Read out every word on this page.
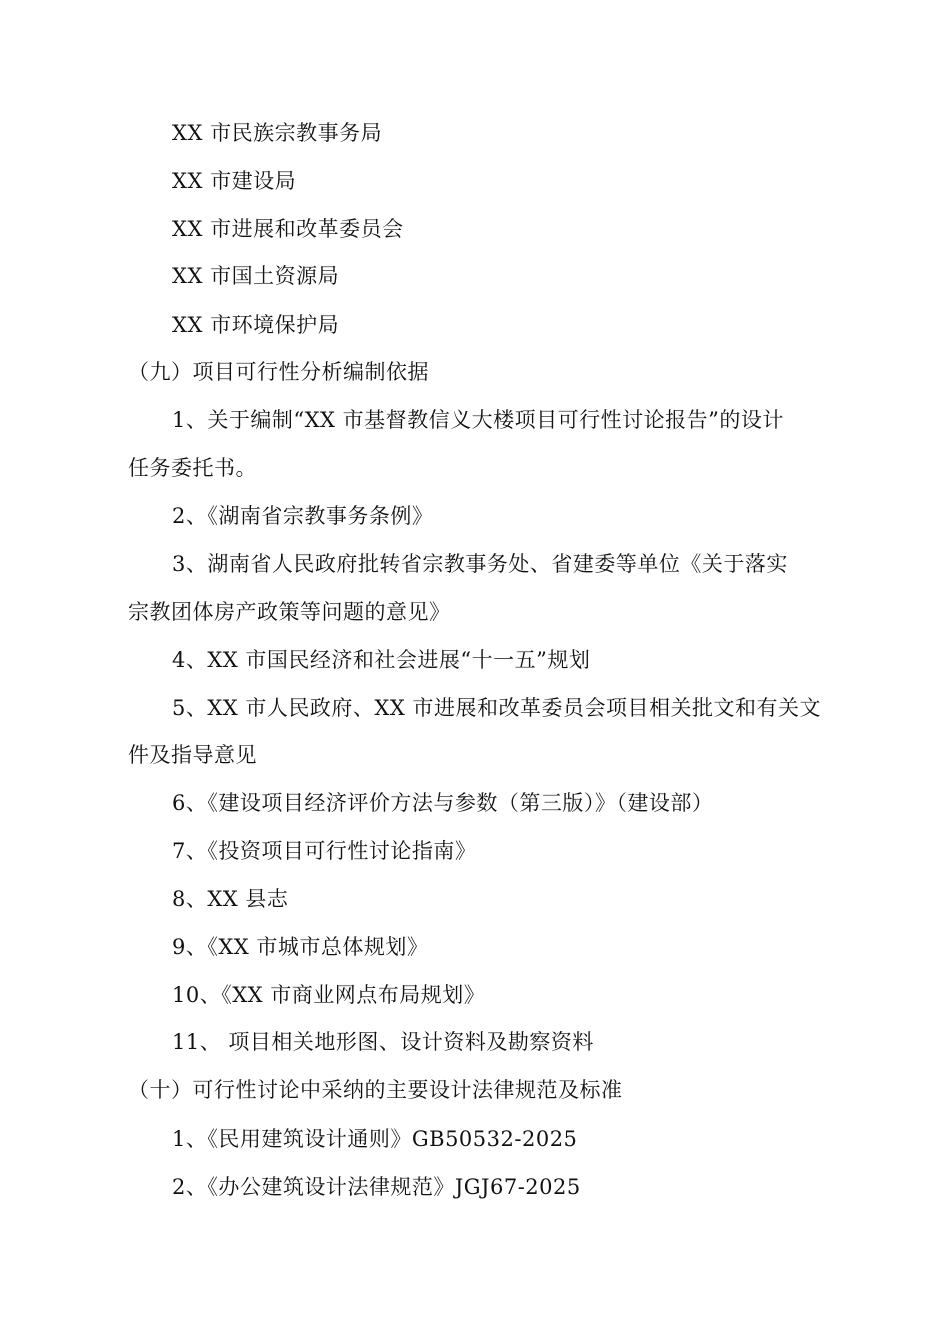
XX 市民族宗教事务局
XX 市建设局
XX 市进展和改革委员会
XX 市国土资源局
XX 市环境保护局
（九）项目可行性分析编制依据
1、关于编制“XX 市基督教信义大楼项目可行性讨论报告”的设计
任务委托书。
2、《湖南省宗教事务条例》
3、湖南省人民政府批转省宗教事务处、省建委等单位《关于落实
宗教团体房产政策等问题的意见》
4、XX 市国民经济和社会进展“十一五”规划
5、XX 市人民政府、XX 市进展和改革委员会项目相关批文和有关文
件及指导意见
6、《建设项目经济评价方法与参数（第三版）》（建设部）
7、《投资项目可行性讨论指南》
8、XX 县志
9、《XX 市城市总体规划》
10、《XX 市商业网点布局规划》
11、 项目相关地形图、设计资料及勘察资料
（十）可行性讨论中采纳的主要设计法律规范及标准
1、《民用建筑设计通则》GB50532-2025
2、《办公建筑设计法律规范》JGJ67-2025
